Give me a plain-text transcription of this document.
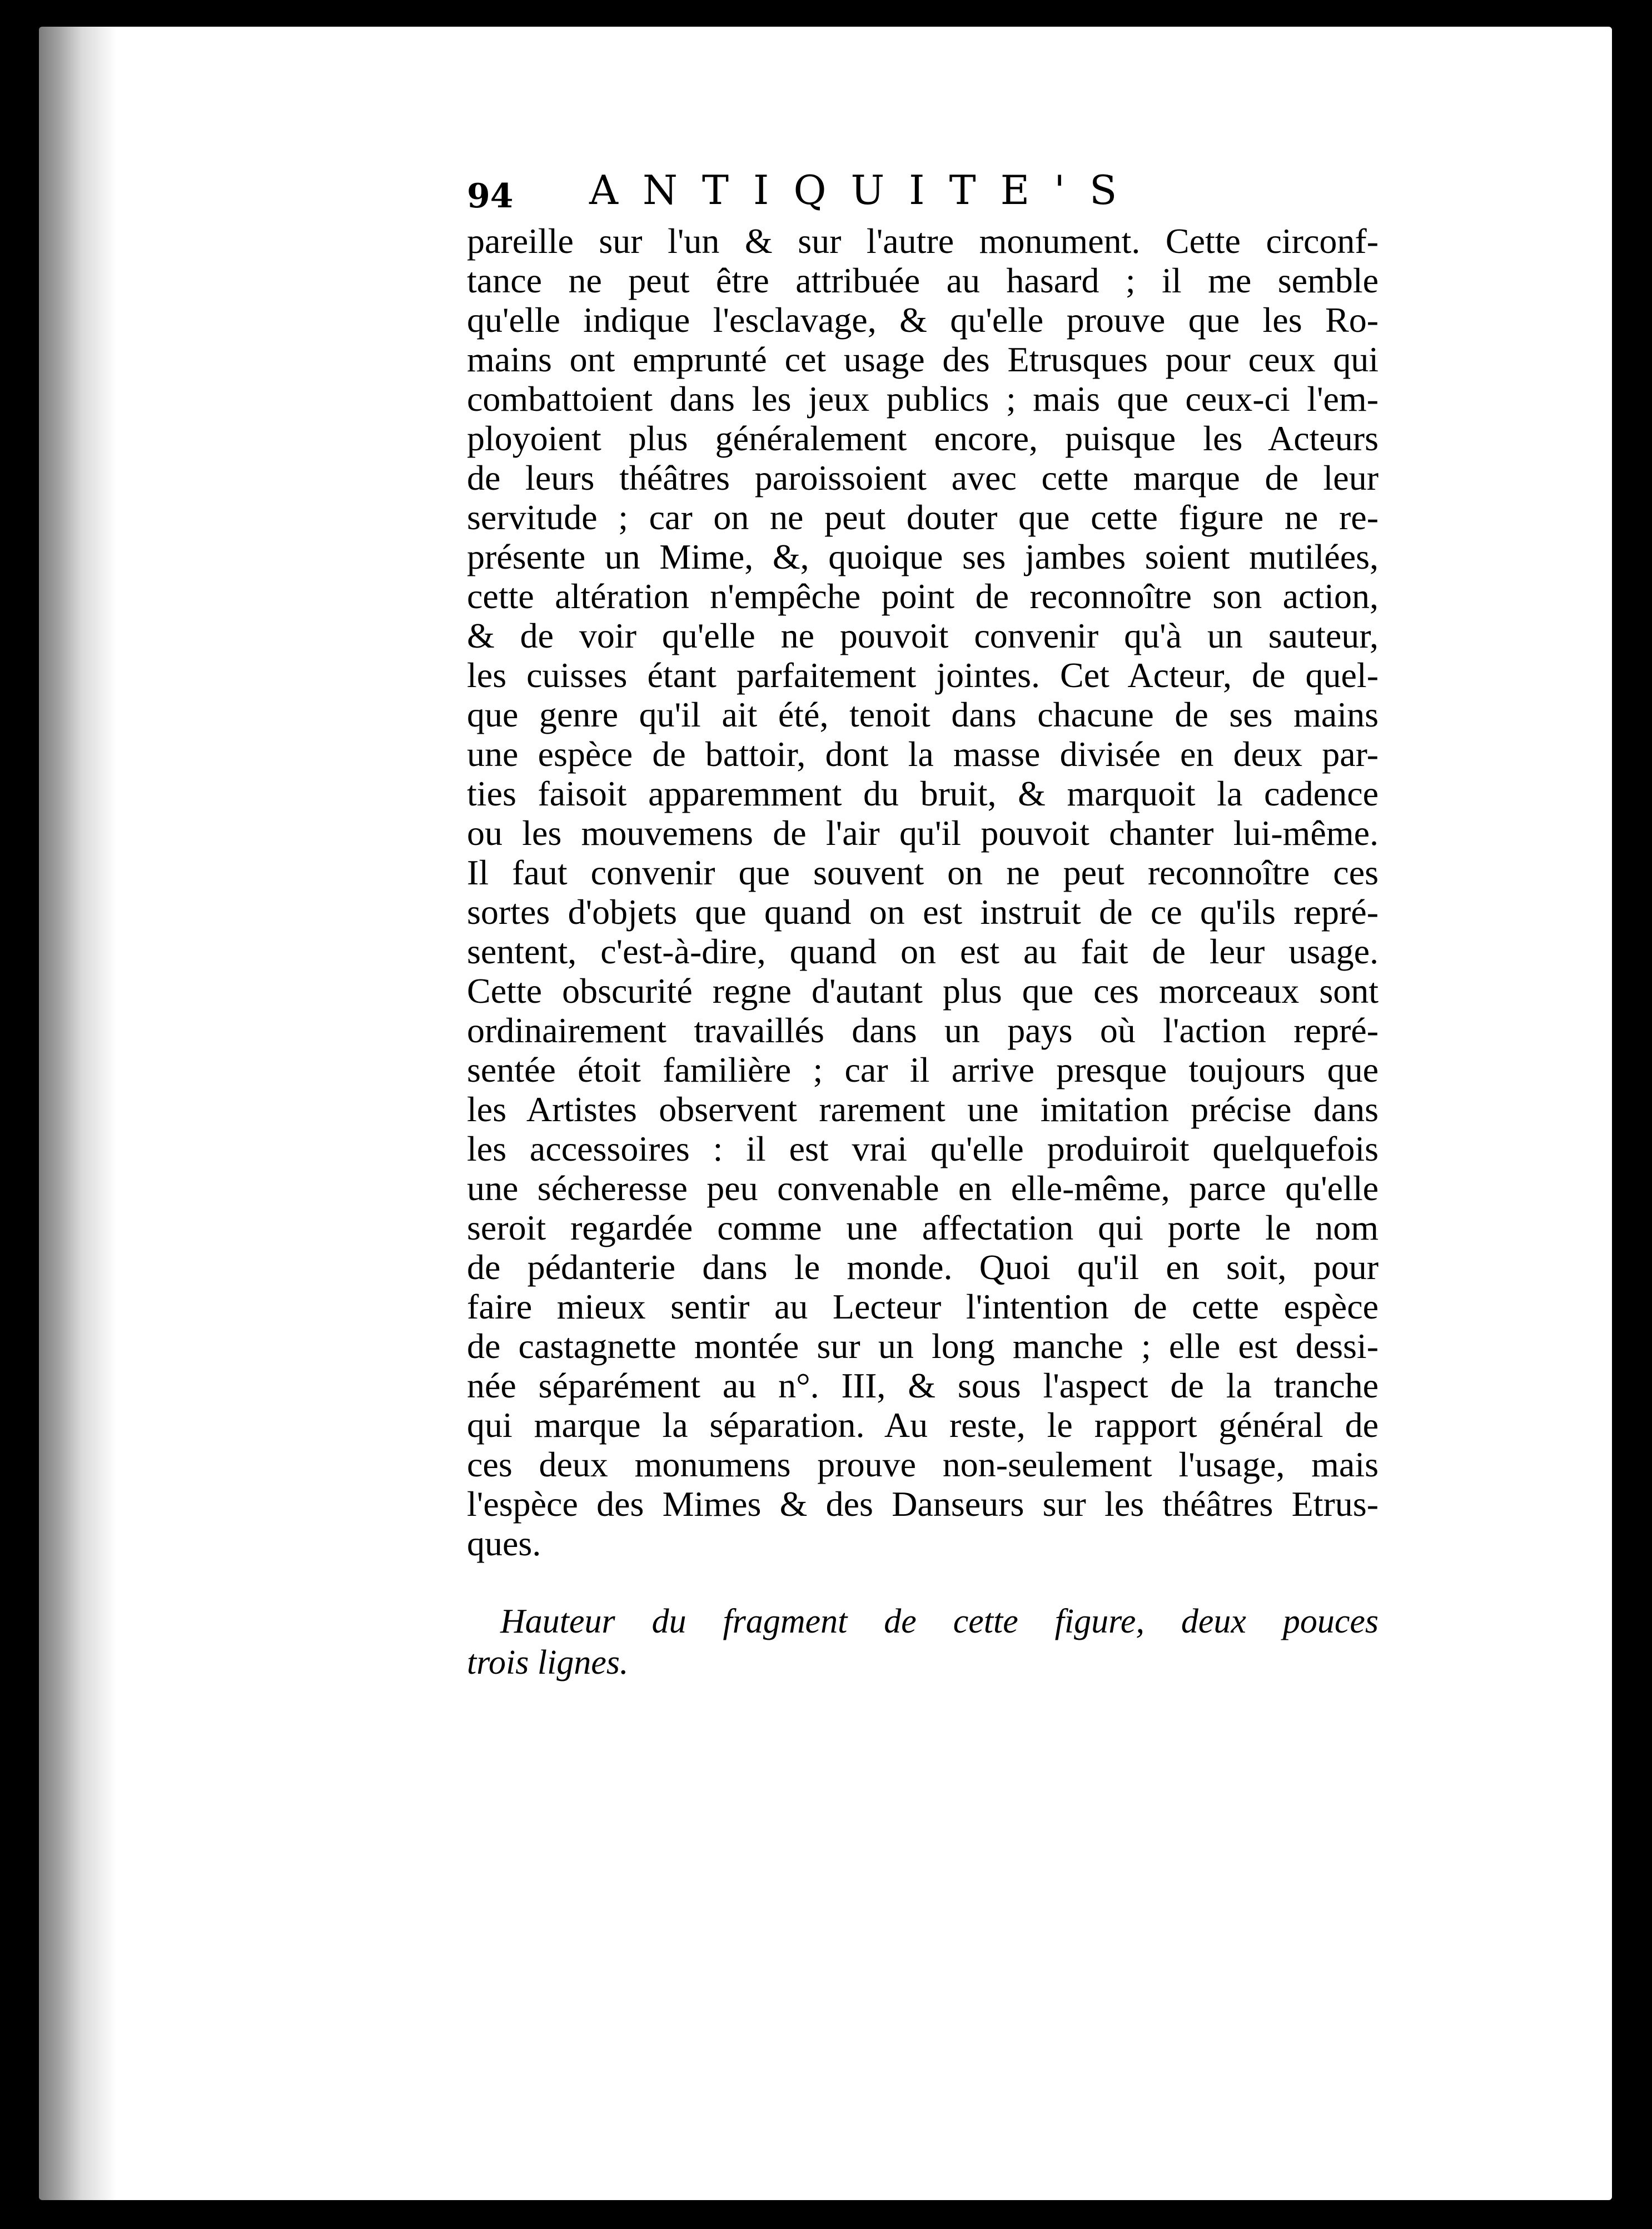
94 ANTIQUITE'S

pareille sur l'un & sur l'autre monument. Cette circonf-
tance ne peut être attribuée au hasard ; il me semble
qu'elle indique l'esclavage, & qu'elle prouve que les Ro-
mains ont emprunté cet usage des Etrusques pour ceux qui
combattoient dans les jeux publics ; mais que ceux-ci l'em-
ployoient plus généralement encore, puisque les Acteurs
de leurs théâtres paroissoient avec cette marque de leur
servitude ; car on ne peut douter que cette figure ne re-
présente un Mime, &, quoique ses jambes soient mutilées,
cette altération n'empêche point de reconnoître son action,
& de voir qu'elle ne pouvoit convenir qu'à un sauteur,
les cuisses étant parfaitement jointes. Cet Acteur, de quel-
que genre qu'il ait été, tenoit dans chacune de ses mains
une espèce de battoir, dont la masse divisée en deux par-
ties faisoit apparemment du bruit, & marquoit la cadence
ou les mouvemens de l'air qu'il pouvoit chanter lui-même.
Il faut convenir que souvent on ne peut reconnoître ces
sortes d'objets que quand on est instruit de ce qu'ils repré-
sentent, c'est-à-dire, quand on est au fait de leur usage.
Cette obscurité regne d'autant plus que ces morceaux sont
ordinairement travaillés dans un pays où l'action repré-
sentée étoit familière ; car il arrive presque toujours que
les Artistes observent rarement une imitation précise dans
les accessoires : il est vrai qu'elle produiroit quelquefois
une sécheresse peu convenable en elle-même, parce qu'elle
seroit regardée comme une affectation qui porte le nom
de pédanterie dans le monde. Quoi qu'il en soit, pour
faire mieux sentir au Lecteur l'intention de cette espèce
de castagnette montée sur un long manche ; elle est dessi-
née séparément au n°. III, & sous l'aspect de la tranche
qui marque la séparation. Au reste, le rapport général de
ces deux monumens prouve non-seulement l'usage, mais
l'espèce des Mimes & des Danseurs sur les théâtres Etrus-
ques.

Hauteur du fragment de cette figure, deux pouces
trois lignes.
